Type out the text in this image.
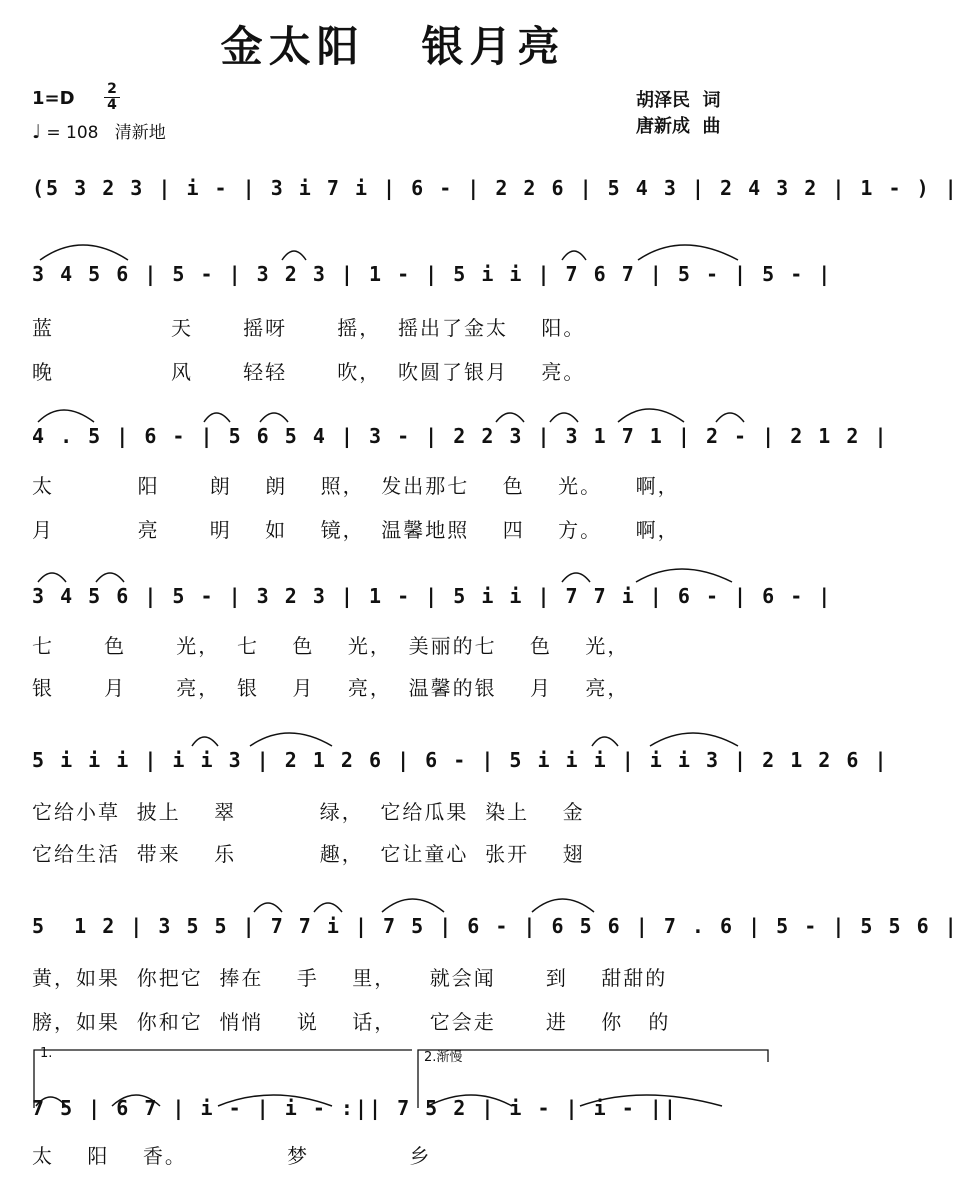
金太阳 银月亮
1=D 2
4
♩ = 108 清新地
胡泽民  词
唐新成  曲
(5 3 2 3 | i - | 3 i 7 i | 6 - | 2 2 6 | 5 4 3 | 2 4 3 2 | 1 - ) |
3 4 5 6 | 5 - | 3 2 3 | 1 - | 5 i i | 7 6 7 | 5 - | 5 - |
蓝              天      摇呀      摇，  摇出了金太    阳。
晚              风      轻轻      吹，  吹圆了银月    亮。
4 . 5 | 6 - | 5 6 5 4 | 3 - | 2 2 3 | 3 1 7 1 | 2 - | 2 1 2 |
太          阳      朗    朗    照，  发出那七    色    光。    啊，
月          亮      明    如    镜，  温馨地照    四    方。    啊，
3 4 5 6 | 5 - | 3 2 3 | 1 - | 5 i i | 7 7 i | 6 - | 6 - |
七      色      光，  七    色    光，  美丽的七    色    光，
银      月      亮，  银    月    亮，  温馨的银    月    亮，
5 i i i | i i 3 | 2 1 2 6 | 6 - | 5 i i i | i i 3 | 2 1 2 6 |
它给小草  披上    翠          绿，  它给瓜果  染上    金
它给生活  带来    乐          趣，  它让童心  张开    翅
5  1 2 | 3 5 5 | 7 7 i | 7 5 | 6 - | 6 5 6 | 7 . 6 | 5 - | 5 5 6 |
黄，如果  你把它  捧在    手    里，    就会闻      到    甜甜的
膀，如果  你和它  悄悄    说    话，    它会走      进    你   的
1.	2.渐慢
7 5 | 6 7 | i - | i - :|| 7 5 2 | i - | i - ||
太    阳    香。            梦            乡
